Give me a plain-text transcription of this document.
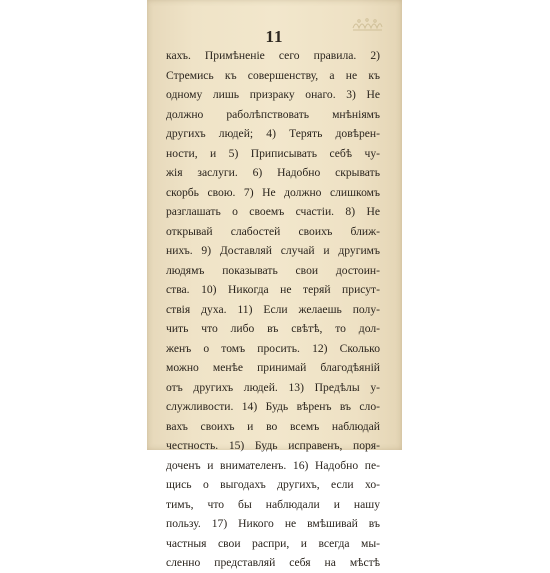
11
кахъ. Примѣненіе сего правила. 2)
Стремись къ совершенству, а не къ
одному лишь призраку онаго. 3) Не
должно раболѣпствовать мнѣніямъ
другихъ людей; 4) Терять довѣрен-
ности, и 5) Приписывать себѣ чу-
жія заслуги. 6) Надобно скрывать
скорбь свою. 7) Не должно слишкомъ
разглашать о своемъ счастіи. 8) Не
открывай слабостей своихъ ближ-
нихъ. 9) Доставляй случай и другимъ
людямъ показывать свои достоин-
ства. 10) Никогда не теряй присут-
ствія духа. 11) Если желаешь полу-
чить что либо въ свѣтѣ, то дол-
женъ о томъ просить. 12) Сколько
можно менѣе принимай благодѣяній
отъ другихъ людей. 13) Предѣлы у-
служливости. 14) Будь вѣренъ въ сло-
вахъ своихъ и во всемъ наблюдай
честность. 15) Будь исправенъ, поря-
доченъ и внимателенъ. 16) Надобно пе-
щись о выгодахъ другихъ, если хо-
тимъ, что бы наблюдали и нашу
пользу. 17) Никого не вмѣшивай въ
частныя свои распри, и всегда мы-
сленно представляй себя на мѣстѣ
